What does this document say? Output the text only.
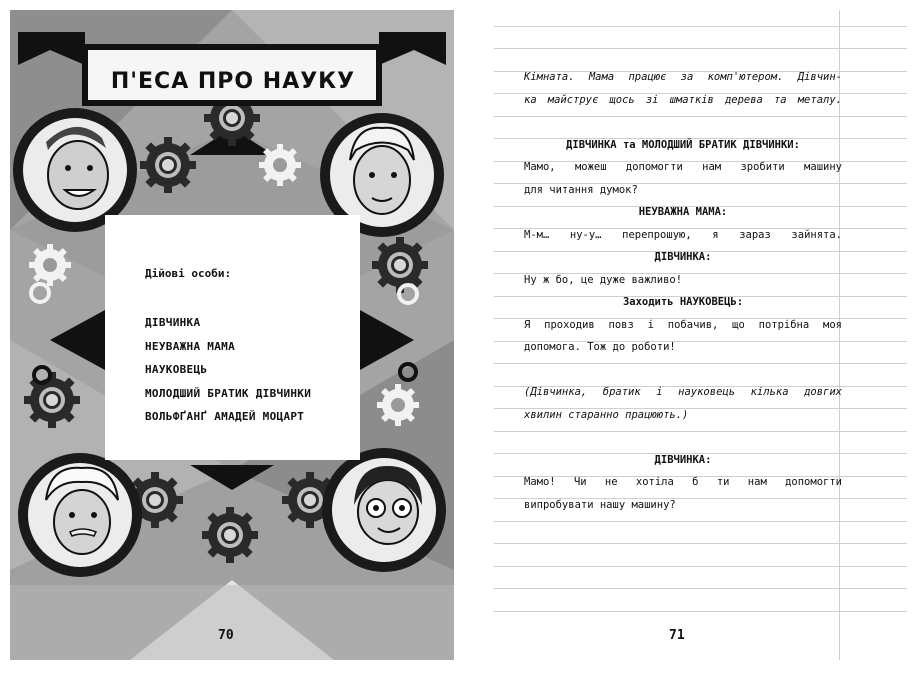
П'ЕСА ПРО НАУКУ
Дійові особи:
ДІВЧИНКА
НЕУВАЖНА МАМА
НАУКОВЕЦЬ
МОЛОДШИЙ БРАТИК ДІВЧИНКИ
ВОЛЬФҐАНҐ АМАДЕЙ МОЦАРТ
70
Кімната. Мама працює за комп'ютером. Дівчин-
ка майструє щось зі шматків дерева та металу.
ДІВЧИНКА та МОЛОДШИЙ БРАТИК ДІВЧИНКИ:
Мамо, можеш допомогти нам зробити машину
для читання думок?
НЕУВАЖНА МАМА:
М-м… ну-у… перепрошую, я зараз зайнята.
ДІВЧИНКА:
Ну ж бо, це дуже важливо!
Заходить НАУКОВЕЦЬ:
Я проходив повз і побачив, що потрібна моя
допомога. Тож до роботи!
(Дівчинка, братик і науковець кілька довгих
хвилин старанно працюють.)
ДІВЧИНКА:
Мамо! Чи не хотіла б ти нам допомогти
випробувати нашу машину?
71
